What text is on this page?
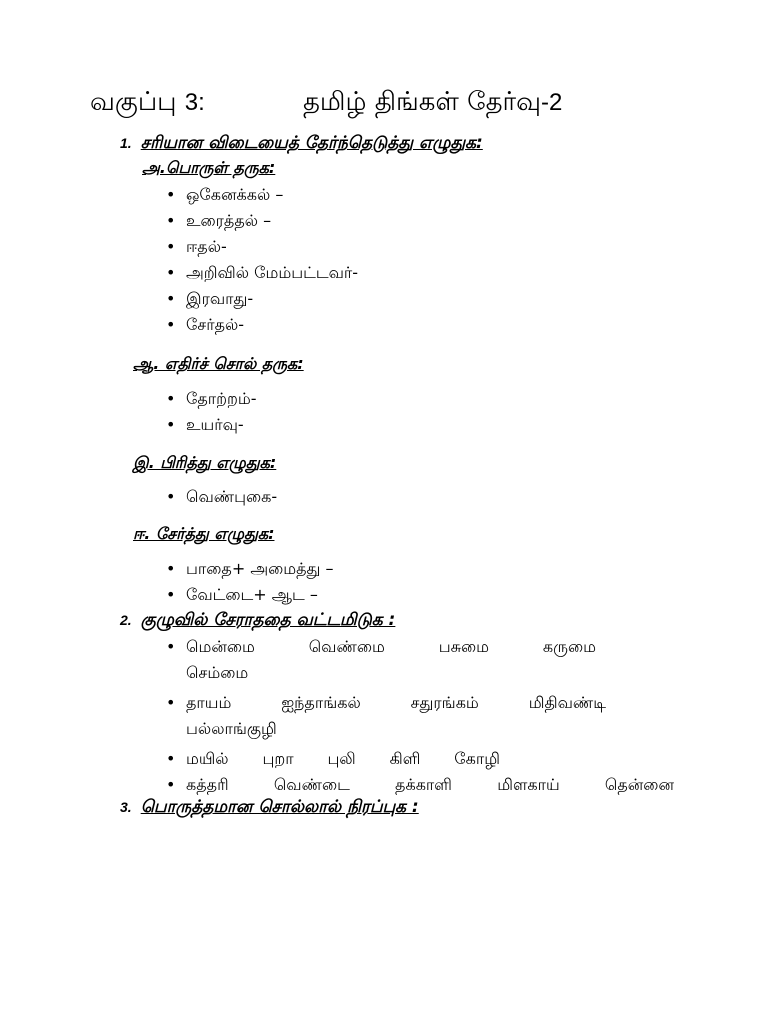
வகுப்பு 3:	தமிழ் திங்கள் தேர்வு-2
1. சரியான விடையைத் தேர்ந்தெடுத்து எழுதுக:
அ.பொருள் தருக:
• ஒகேனக்கல் –
• உரைத்தல் –
• ஈதல்-
• அறிவில் மேம்பட்டவர்-
• இரவாது-
• சேர்தல்-
ஆ. எதிர்ச் சொல் தருக:
• தோற்றம்-
• உயர்வு-
இ. பிரித்து எழுதுக:
• வெண்புகை-
ஈ. சேர்த்து எழுதுக:
• பாதை+ அமைத்து –
• வேட்டை+ ஆட –
2. குழுவில் சேராததை வட்டமிடுக :
• மென்மை	வெண்மை	பசுமை	கருமை
செம்மை
• தாயம்	ஐந்தாங்கல்	சதுரங்கம்	மிதிவண்டி
பல்லாங்குழி
• மயில் புறா புலி கிளி கோழி
• கத்தரி	வெண்டை	தக்காளி	மிளகாய்	தென்னை
3. பொருத்தமான சொல்லால் நிரப்புக :
